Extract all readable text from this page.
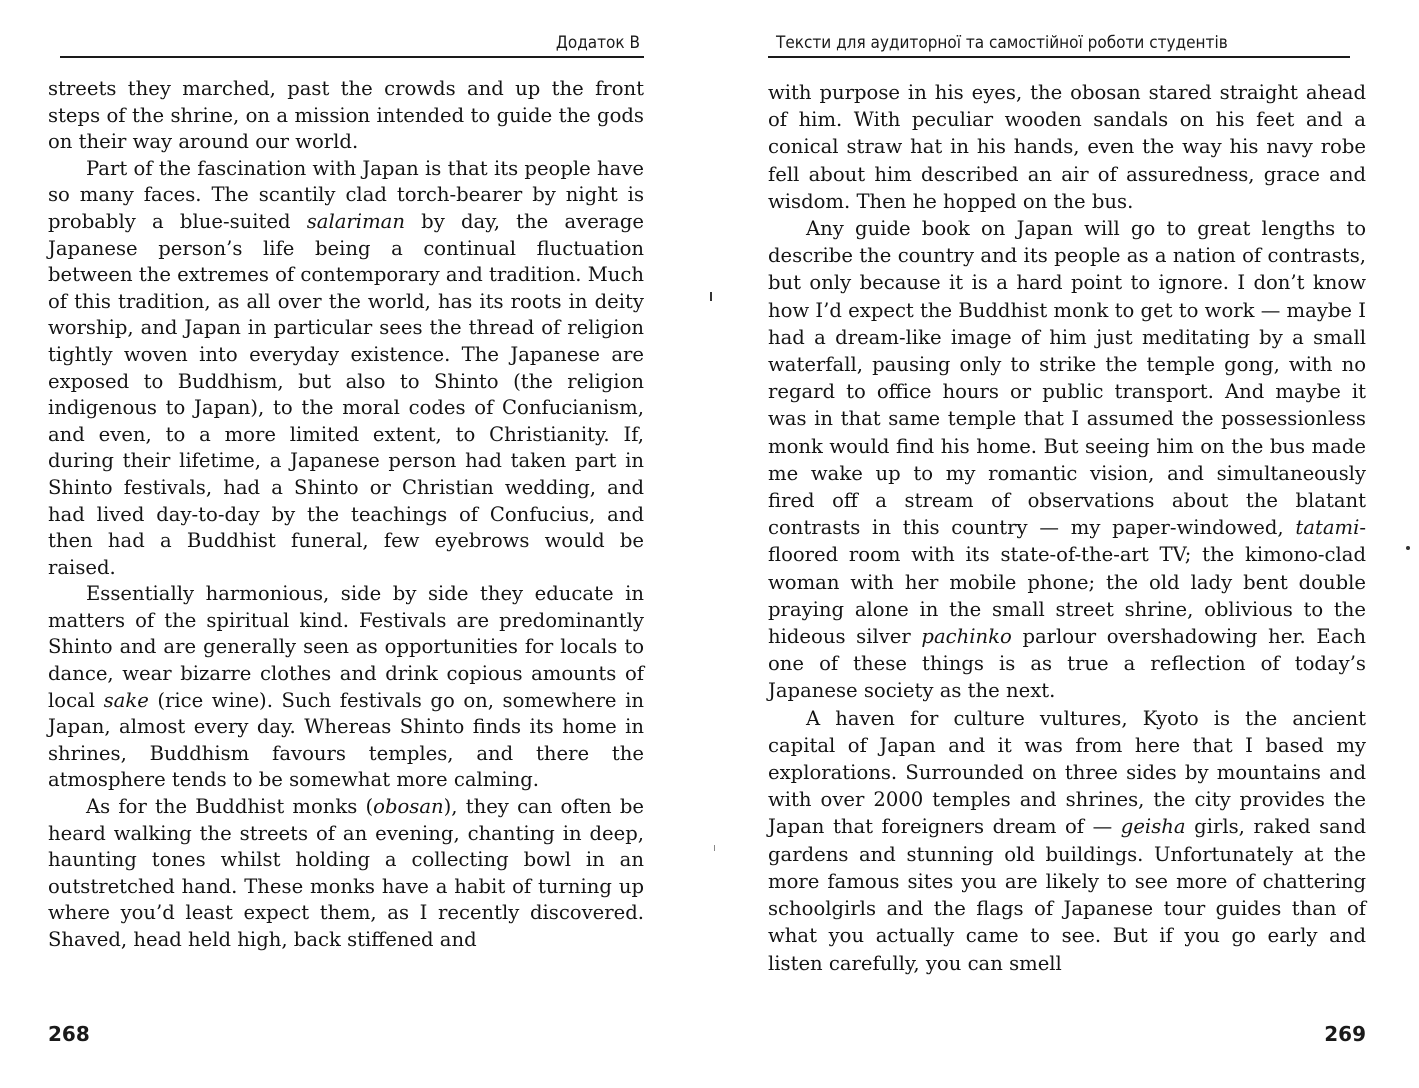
Додаток В

streets they marched, past the crowds and up the front steps of the shrine, on a mission intended to guide the gods on their way around our world.

Part of the fascination with Japan is that its people have so many faces. The scantily clad torch-bearer by night is probably a blue-suited salariman by day, the average Japanese person’s life being a continual fluctuation between the extremes of contemporary and tradition. Much of this tradition, as all over the world, has its roots in deity worship, and Japan in particular sees the thread of religion tightly woven into everyday existence. The Japanese are exposed to Buddhism, but also to Shinto (the religion indigenous to Japan), to the moral codes of Confucianism, and even, to a more limited extent, to Christianity. If, during their lifetime, a Japanese person had taken part in Shinto festivals, had a Shinto or Christian wedding, and had lived day-to-day by the teachings of Confucius, and then had a Buddhist funeral, few eyebrows would be raised.

Essentially harmonious, side by side they educate in matters of the spiritual kind. Festivals are predominantly Shinto and are generally seen as opportunities for locals to dance, wear bizarre clothes and drink copious amounts of local sake (rice wine). Such festivals go on, somewhere in Japan, almost every day. Whereas Shinto finds its home in shrines, Buddhism favours temples, and there the atmosphere tends to be somewhat more calming.

As for the Buddhist monks (obosan), they can often be heard walking the streets of an evening, chanting in deep, haunting tones whilst holding a collecting bowl in an outstretched hand. These monks have a habit of turning up where you’d least expect them, as I recently discovered. Shaved, head held high, back stiffened and

268
Тексти для аудиторної та самостійної роботи студентів

with purpose in his eyes, the obosan stared straight ahead of him. With peculiar wooden sandals on his feet and a conical straw hat in his hands, even the way his navy robe fell about him described an air of assuredness, grace and wisdom. Then he hopped on the bus.

Any guide book on Japan will go to great lengths to describe the country and its people as a nation of contrasts, but only because it is a hard point to ignore. I don’t know how I’d expect the Buddhist monk to get to work — maybe I had a dream-like image of him just meditating by a small waterfall, pausing only to strike the temple gong, with no regard to office hours or public transport. And maybe it was in that same temple that I assumed the possessionless monk would find his home. But seeing him on the bus made me wake up to my romantic vision, and simultaneously fired off a stream of observations about the blatant contrasts in this country — my paper-windowed, tatami-floored room with its state-of-the-art TV; the kimono-clad woman with her mobile phone; the old lady bent double praying alone in the small street shrine, oblivious to the hideous silver pachinko parlour overshadowing her. Each one of these things is as true a reflection of today’s Japanese society as the next.

A haven for culture vultures, Kyoto is the ancient capital of Japan and it was from here that I based my explorations. Surrounded on three sides by mountains and with over 2000 temples and shrines, the city provides the Japan that foreigners dream of — geisha girls, raked sand gardens and stunning old buildings. Unfortunately at the more famous sites you are likely to see more of chattering schoolgirls and the flags of Japanese tour guides than of what you actually came to see. But if you go early and listen carefully, you can smell

269
